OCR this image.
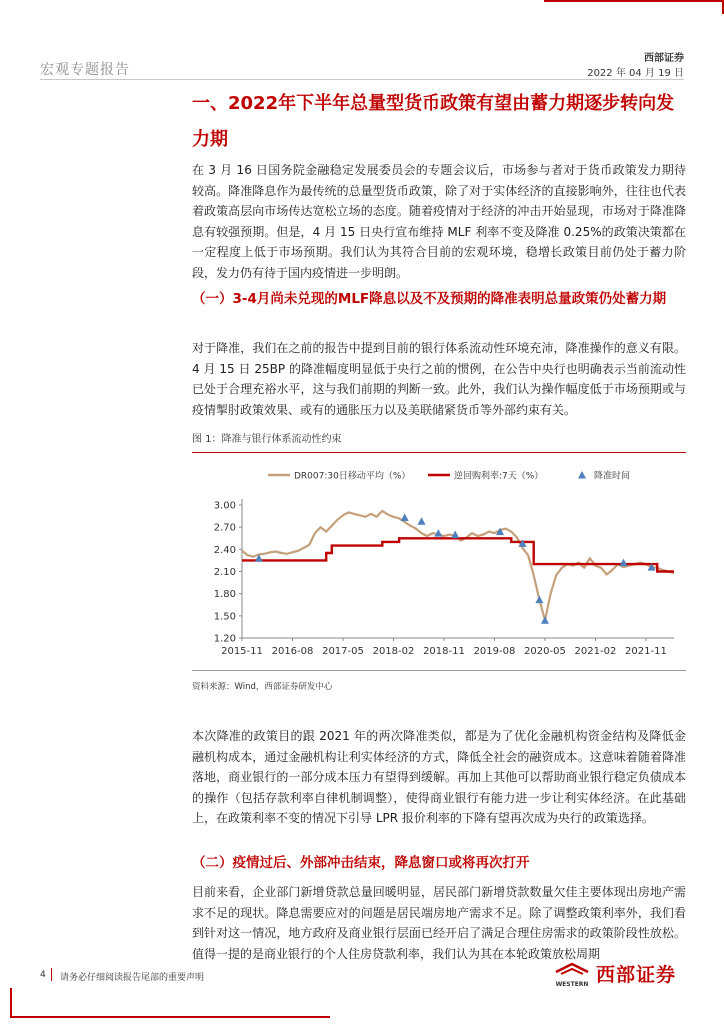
宏观专题报告
西部证券
2022 年 04 月 19 日
一、2022年下半年总量型货币政策有望由蓄力期逐步转向发力期
在 3 月 16 日国务院金融稳定发展委员会的专题会议后，市场参与者对于货币政策发力期待较高。降准降息作为最传统的总量型货币政策，除了对于实体经济的直接影响外，往往也代表着政策高层向市场传达宽松立场的态度。随着疫情对于经济的冲击开始显现，市场对于降准降息有较强预期。但是，4 月 15 日央行宣布维持 MLF 利率不变及降准 0.25%的政策决策都在一定程度上低于市场预期。我们认为其符合目前的宏观环境，稳增长政策目前仍处于蓄力阶段，发力仍有待于国内疫情进一步明朗。
（一）3-4月尚未兑现的MLF降息以及不及预期的降准表明总量政策仍处蓄力期
对于降准，我们在之前的报告中提到目前的银行体系流动性环境充沛，降准操作的意义有限。4 月 15 日 25BP 的降准幅度明显低于央行之前的惯例，在公告中央行也明确表示当前流动性已处于合理充裕水平，这与我们前期的判断一致。此外，我们认为操作幅度低于市场预期或与疫情掣肘政策效果、或有的通胀压力以及美联储紧货币等外部约束有关。
图 1：降准与银行体系流动性约束
3.00
2.70
2.40
2.10
1.80
1.50
1.20
2015-11 2016-08 2017-05 2018-02 2018-11 2019-08 2020-05 2021-02 2021-11
DR007:30日移动平均（%）	逆回购利率:7天（%）	降准时间
资料来源：Wind，西部证券研发中心
本次降准的政策目的跟 2021 年的两次降准类似，都是为了优化金融机构资金结构及降低金融机构成本，通过金融机构让利实体经济的方式，降低全社会的融资成本。这意味着随着降准落地，商业银行的一部分成本压力有望得到缓解。再加上其他可以帮助商业银行稳定负债成本的操作（包括存款利率自律机制调整），使得商业银行有能力进一步让利实体经济。在此基础上，在政策利率不变的情况下引导 LPR 报价利率的下降有望再次成为央行的政策选择。
（二）疫情过后、外部冲击结束，降息窗口或将再次打开
目前来看，企业部门新增贷款总量回暖明显，居民部门新增贷款数量欠佳主要体现出房地产需求不足的现状。降息需要应对的问题是居民端房地产需求不足。除了调整政策利率外，我们看到针对这一情况，地方政府及商业银行层面已经开启了满足合理住房需求的政策阶段性放松。值得一提的是商业银行的个人住房贷款利率，我们认为其在本轮政策放松周期
4 请务必仔细阅读报告尾部的重要声明
WESTERN 西部证券
